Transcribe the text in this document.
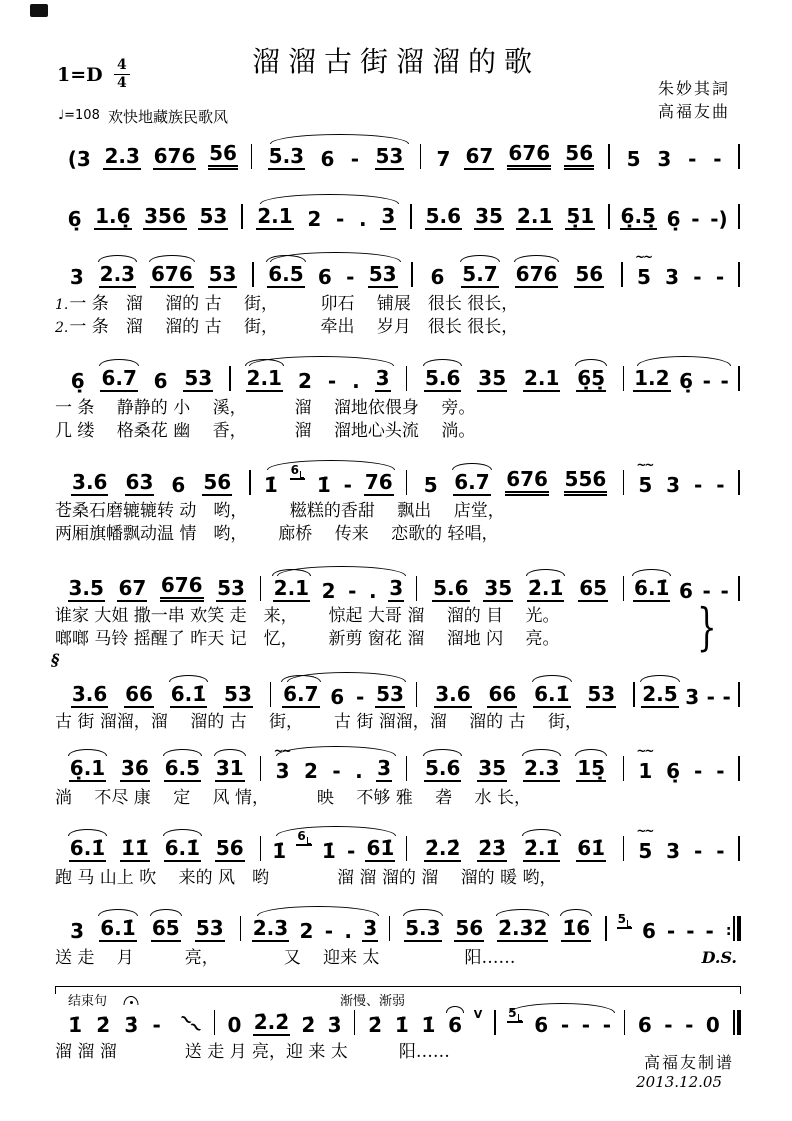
溜溜古街溜溜的歌
$1=D \frac{4}{4}$
♩=108 欢快地藏族民歌风
朱妙其詞
高福友曲
(3 2.3 676 56 5.3 6 - 53 7 67 676 56 5 3 - -
6̣ 1.6̣ 356 53 2.1 2 - . 3 5.6 35 2.1 5̣1 6̣.5̣ 6̣ - -)
3 2.3 676 53 6.5 6 - 53 6 5.7 676 56 5
~~
3 - -
1.一 条　溜　 溜的 古　 街，　　　卯石　 铺展　很长 很长，
2.一 条　溜　 溜的 古　 街，　　　牵出　 岁月　很长 很长，
6̣ 6.7 6 53 2.1 2 - . 3 5.6 35 2.1 6̣5̣ 1.2 6̣ - -
一 条　 静静的 小　 溪，　　　 溜　 溜地依偎身　 旁。
几 缕　 格桑花 幽　 香，　　　 溜　 溜地心头流　 淌。
3.6 63 6 56 1̇
6
1̇ - 76 5 6.7 676 556 5
~~
3 - -
苍桑石磨辘辘转 动　哟，　　　糍糕的香甜　 飘出　 店堂，
两厢旗幡飘动温 情　哟，　　 廊桥　 传来　 恋歌的 轻唱，
3.5 67 676 53 2.1 2 - . 3 5.6 35 2̇.1̇ 65 6.1̇ 6 - -
谁家 大姐 撒一串 欢笑 走　来，　　 惊起 大哥 溜　 溜的 目　 光。
啷啷 马铃 摇醒了 昨天 记　忆，　　 新剪 窗花 溜　 溜地 闪　 亮。
§
3.6 66 6.1̇ 53 6.7 6 - 53 3.6 66 6.1̇ 53 2.5 3 - -
古 街 溜溜，溜　 溜的 古　 街，　　 古 街 溜溜，溜　 溜的 古　 街，
6̣.1 36 6.5 31 3
~~
2 - . 3 5.6 35 2.3 15̣ 1
~~
6̣ - -
淌　 不尽 康　 定　 风 情，　　　 映　 不够 雅　 砻　 水 长，
6.1̇ 1̇1̇ 6.1̇ 56 1̇
6
1̇ - 61̇ 2̇.2̇ 2̇3̇ 2̇.1̇ 61̇ 5
~~
3 - -
跑 马 山上 吹　 来的 风　哟　　　　溜 溜 溜的 溜　 溜的 暖 哟，
3 6.1̇ 65 53 2.3 2 - . 3 5.3 56 2̇.3̇2̇ 1̇6 5 6 - - - :
送 走　 月　　　亮，　　　　 又　 迎来 太　　　　　阳……	D.S.
1̇ 2̇ 3̇ - ~~ 0 2̇.2̇ 2̇ 3̇ 2̇ 1̇ 1̇ 6 V 5 6 - - - 6 - - 0
溜 溜 溜　　　　送 走 月 亮，迎 来 太　　　阳……
}
结束句	渐慢、渐弱
高福友制谱
2013.12.05
